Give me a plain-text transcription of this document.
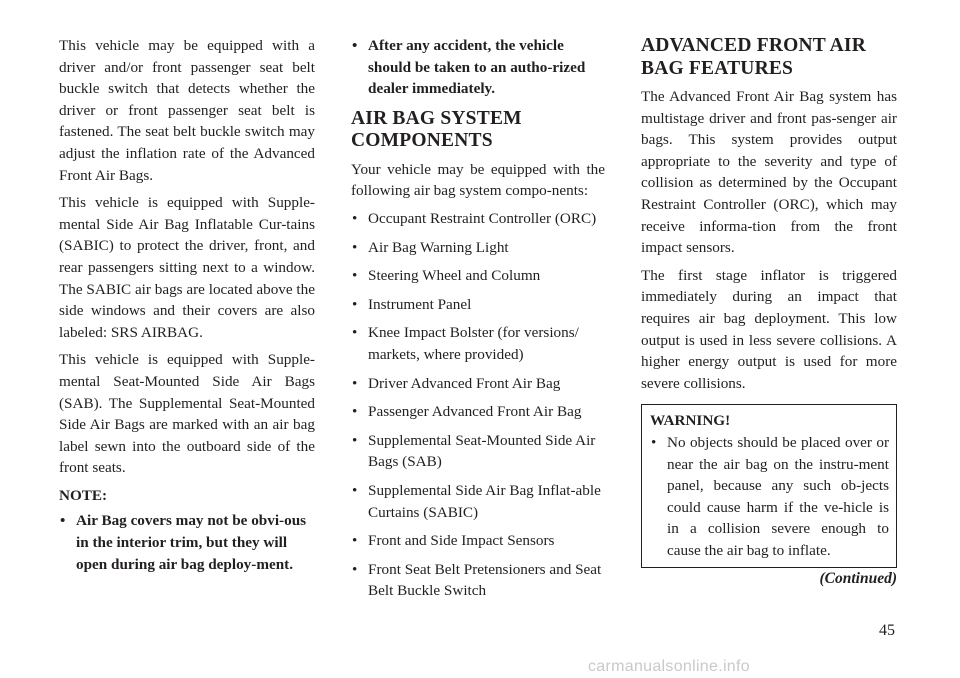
This vehicle may be equipped with a driver and/or front passenger seat belt buckle switch that detects whether the driver or front passenger seat belt is fastened. The seat belt buckle switch may adjust the inflation rate of the Advanced Front Air Bags.

This vehicle is equipped with Supple-mental Side Air Bag Inflatable Cur-tains (SABIC) to protect the driver, front, and rear passengers sitting next to a window. The SABIC air bags are located above the side windows and their covers are also labeled: SRS AIRBAG.

This vehicle is equipped with Supple-mental Seat-Mounted Side Air Bags (SAB). The Supplemental Seat-Mounted Side Air Bags are marked with an air bag label sewn into the outboard side of the front seats.

NOTE:
• Air Bag covers may not be obvi-ous in the interior trim, but they will open during air bag deploy-ment.
• After any accident, the vehicle should be taken to an autho-rized dealer immediately.
AIR BAG SYSTEM COMPONENTS

Your vehicle may be equipped with the following air bag system compo-nents:

• Occupant Restraint Controller (ORC)
• Air Bag Warning Light
• Steering Wheel and Column
• Instrument Panel
• Knee Impact Bolster (for versions/ markets, where provided)
• Driver Advanced Front Air Bag
• Passenger Advanced Front Air Bag
• Supplemental Seat-Mounted Side Air Bags (SAB)
• Supplemental Side Air Bag Inflat-able Curtains (SABIC)
• Front and Side Impact Sensors
• Front Seat Belt Pretensioners and Seat Belt Buckle Switch
ADVANCED FRONT AIR BAG FEATURES

The Advanced Front Air Bag system has multistage driver and front pas-senger air bags. This system provides output appropriate to the severity and type of collision as determined by the Occupant Restraint Controller (ORC), which may receive informa-tion from the front impact sensors.

The first stage inflator is triggered immediately during an impact that requires air bag deployment. This low output is used in less severe collisions. A higher energy output is used for more severe collisions.

WARNING!
• No objects should be placed over or near the air bag on the instru-ment panel, because any such ob-jects could cause harm if the ve-hicle is in a collision severe enough to cause the air bag to inflate.
(Continued)
45
carmanualsonline.info
